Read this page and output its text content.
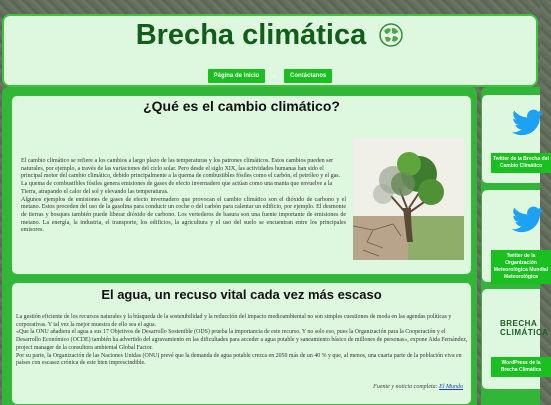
Brecha climática
Página de inicio - Contáctanos
¿Qué es el cambio climático?

El cambio climático se refiere a los cambios a largo plazo de las temperaturas y los patrones climáticos. Estos cambios pueden ser naturales, por ejemplo, a través de las variaciones del ciclo solar. Pero desde el siglo XIX, las actividades humanas han sido el principal motor del cambio climático, debido principalmente a la quema de combustibles fósiles como el carbón, el petróleo y el gas.

La quema de combustibles fósiles genera emisiones de gases de efecto invernadero que actúan como una manta que envuelve a la Tierra, atrapando el calor del sol y elevando las temperaturas.

Algunos ejemplos de emisiones de gases de efecto invernadero que provocan el cambio climático son el dióxido de carbono y el metano. Estos proceden del uso de la gasolina para conducir un coche o del carbón para calentar un edificio, por ejemplo. El desmonte de tierras y bosques también puede liberar dióxido de carbono. Los vertederos de basura son una fuente importante de emisiones de metano. La energía, la industria, el transporte, los edificios, la agricultura y el uso del suelo se encuentran entre los principales emisores.

El agua, un recuso vital cada vez más escaso

La gestión eficiente de los recursos naturales y la búsqueda de la sostenibilidad y la reducción del impacto medioambiental no son simples cuestiones de moda en las agendas políticas y corporativas. Y tal vez la mejor muestra de ello sea el agua.

«Que la ONU añadiera el agua a sus 17 Objetivos de Desarrollo Sostenible (ODS) prueba la importancia de este recurso. Y no solo eso, pues la Organización para la Cooperación y el Desarrollo Económico (OCDE) también ha advertido del agravamiento en las dificultades para acceder a agua potable y saneamiento básico de millones de personas», expone Aida Fernández, project manager de la consultora ambiental Global Factor.

Por su parte, la Organización de las Naciones Unidas (ONU) prevé que la demanda de agua potable crezca en 2050 más de un 40 % y que, al menos, una cuarta parte de la población viva en países con escasez crónica de este bien imprescindible.

Fuente y noticia completa: El Mundo
Twitter de la Brecha del Cambio Climático
Twitter de la Organización Meteorológica Mundial Meteorológica
BRECHA
CLIMÁTICA
WordPress de la Brecha Climática
